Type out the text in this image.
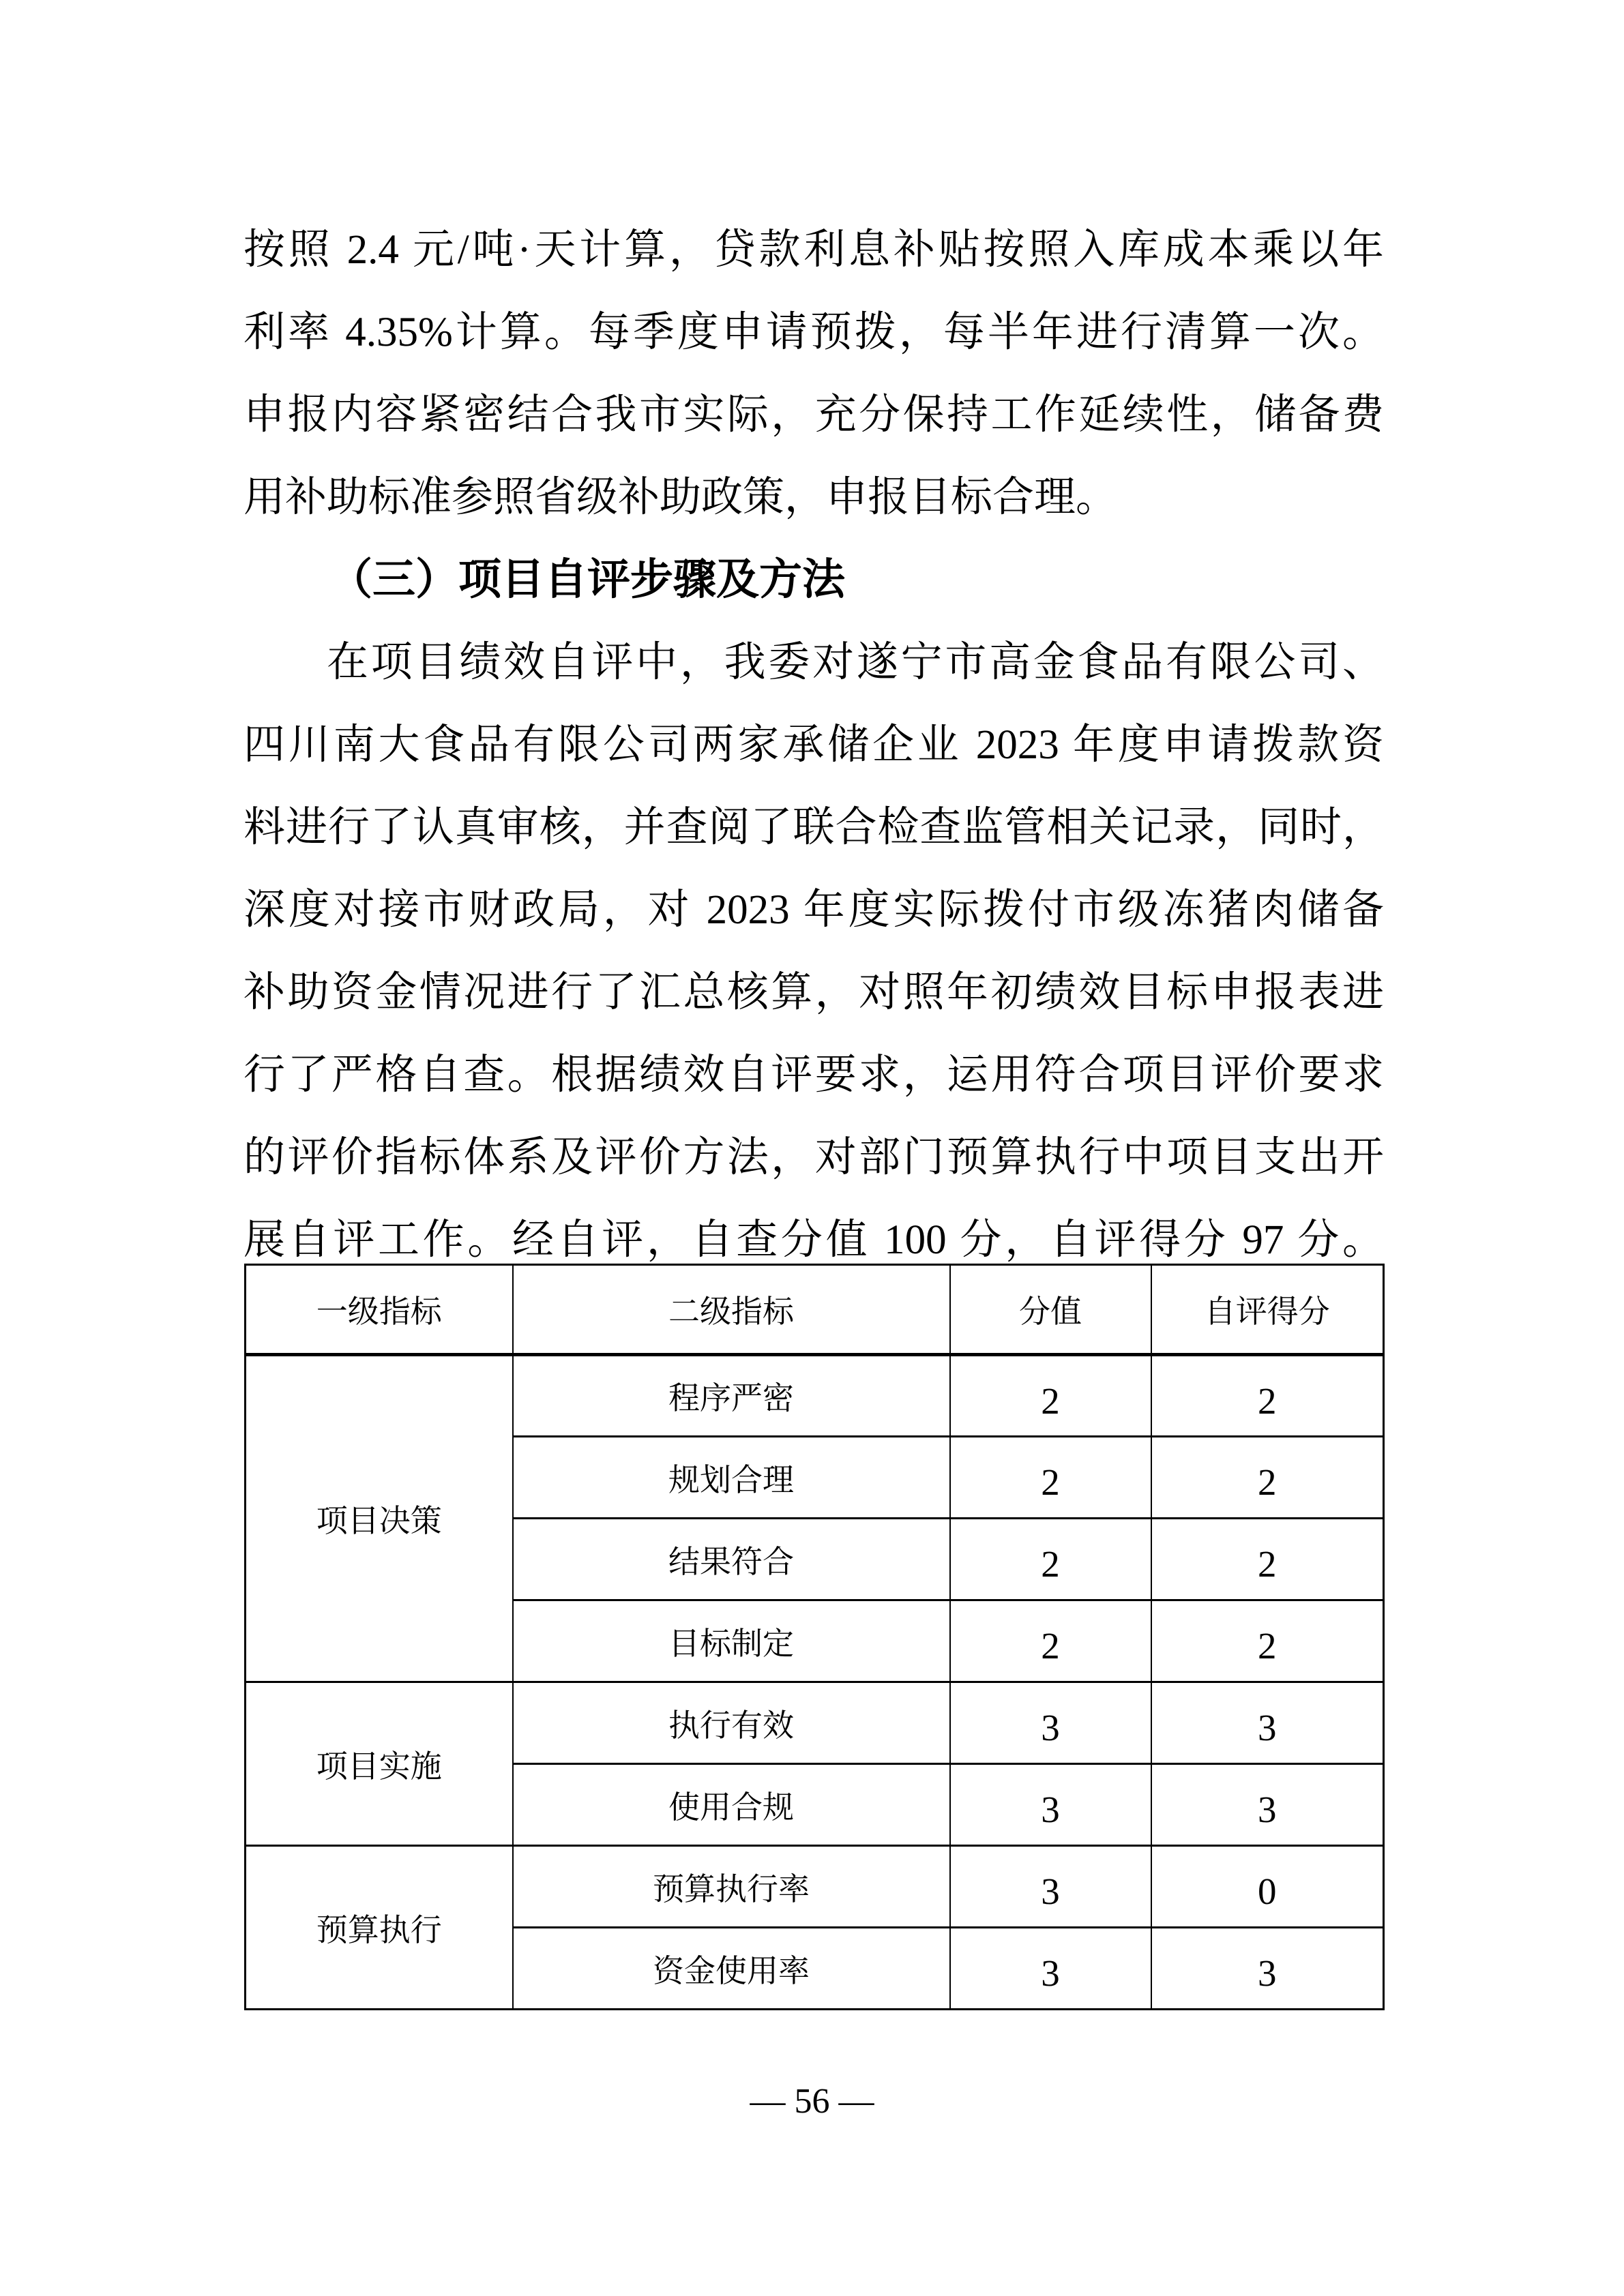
按照 2.4 元/吨·天计算，贷款利息补贴按照入库成本乘以年
利率 4.35%计算。每季度申请预拨，每半年进行清算一次。
申报内容紧密结合我市实际，充分保持工作延续性，储备费
用补助标准参照省级补助政策，申报目标合理。
（三）项目自评步骤及方法
在项目绩效自评中，我委对遂宁市高金食品有限公司、
四川南大食品有限公司两家承储企业 2023 年度申请拨款资
料进行了认真审核，并查阅了联合检查监管相关记录，同时，
深度对接市财政局，对 2023 年度实际拨付市级冻猪肉储备
补助资金情况进行了汇总核算，对照年初绩效目标申报表进
行了严格自查。根据绩效自评要求，运用符合项目评价要求
的评价指标体系及评价方法，对部门预算执行中项目支出开
展自评工作。经自评，自查分值 100 分，自评得分 97 分。
一级指标	二级指标	分值	自评得分
项目决策	程序严密	2	2
	规划合理	2	2
	结果符合	2	2
	目标制定	2	2
项目实施	执行有效	3	3
	使用合规	3	3
预算执行	预算执行率	3	0
	资金使用率	3	3
— 56 —
